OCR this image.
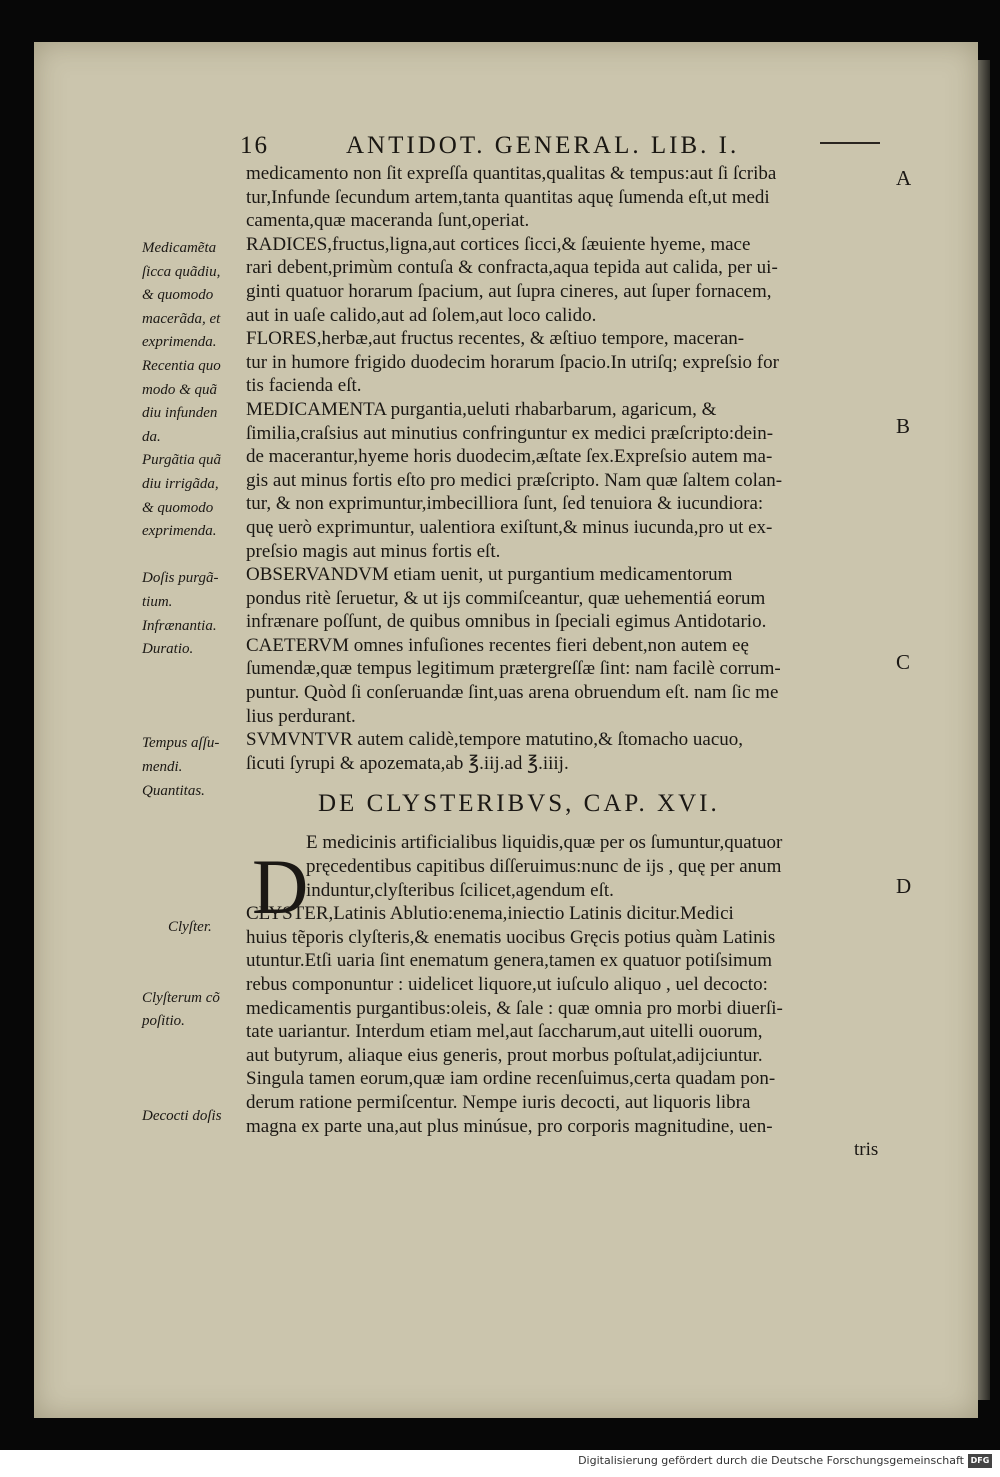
16	ANTIDOT. GENERAL. LIB. I.
medicamento non ſit expreſſa quantitas,qualitas & tempus:aut ſi ſcriba
tur,Infunde ſecundum artem,tanta quantitas aquę ſumenda eſt,ut medi
camenta,quæ maceranda ſunt,operiat.
RADICES,fructus,ligna,aut cortices ſicci,& ſæuiente hyeme, mace
rari debent,primùm contuſa & confracta,aqua tepida aut calida, per ui-
ginti quatuor horarum ſpacium, aut ſupra cineres, aut ſuper fornacem,
aut in uaſe calido,aut ad ſolem,aut loco calido.
FLORES,herbæ,aut fructus recentes, & æſtiuo tempore, maceran-
tur in humore frigido duodecim horarum ſpacio.In utriſq; expreſsio for
tis facienda eſt.
MEDICAMENTA purgantia,ueluti rhabarbarum, agaricum, &
ſimilia,craſsius aut minutius confringuntur ex medici præſcripto:dein-
de macerantur,hyeme horis duodecim,æſtate ſex.Expreſsio autem ma-
gis aut minus fortis eſto pro medici præſcripto. Nam quæ ſaltem colan-
tur, & non exprimuntur,imbecilliora ſunt, ſed tenuiora & iucundiora:
quę uerò exprimuntur, ualentiora exiſtunt,& minus iucunda,pro ut ex-
preſsio magis aut minus fortis eſt.
OBSERVANDVM etiam uenit, ut purgantium medicamentorum
pondus ritè ſeruetur, & ut ijs commiſceantur, quæ uehementiá eorum
infrænare poſſunt, de quibus omnibus in ſpeciali egimus Antidotario.
CAETERVM omnes infuſiones recentes fieri debent,non autem eę
ſumendæ,quæ tempus legitimum prætergreſſæ ſint: nam facilè corrum-
puntur. Quòd ſi conſeruandæ ſint,uas arena obruendum eſt. nam ſic me
lius perdurant.
SVMVNTVR autem calidè,tempore matutino,& ſtomacho uacuo,
ſicuti ſyrupi & apozemata,ab ℥.iij.ad ℥.iiij.
DE CLYSTERIBVS, CAP. XVI.
E medicinis artificialibus liquidis,quæ per os ſumuntur,quatuor
pręcedentibus capitibus diſſeruimus:nunc de ijs , quę per anum
induntur,clyſteribus ſcilicet,agendum eſt.
CLYSTER,Latinis Ablutio:enema,iniectio Latinis dicitur.Medici
huius tẽporis clyſteris,& enematis uocibus Gręcis potius quàm Latinis
utuntur.Etſi uaria ſint enematum genera,tamen ex quatuor potiſsimum
rebus componuntur : uidelicet liquore,ut iuſculo aliquo , uel decocto:
medicamentis purgantibus:oleis, & ſale : quæ omnia pro morbi diuerſi-
tate uariantur. Interdum etiam mel,aut ſaccharum,aut uitelli ouorum,
aut butyrum, aliaque eius generis, prout morbus poſtulat,adijciuntur.
Singula tamen eorum,quæ iam ordine recenſuimus,certa quadam pon-
derum ratione permiſcentur. Nempe iuris decocti, aut liquoris libra
magna ex parte una,aut plus minúsue, pro corporis magnitudine, uen-
tris
D
Medicamẽta
ſicca quãdiu,
& quomodo
macerãda, et
exprimenda.
Recentia quo
modo & quã
diu infunden
da.
Purgãtia quã
diu irrigãda,
& quomodo
exprimenda.
Doſis purgã-
tium.
Infrænantia.
Duratio.
Tempus aſſu-
mendi.
Quantitas.
Clyſter.
Clyſterum cõ
poſitio.
Decocti doſis
A
B
C
D
Digitalisierung gefördert durch die Deutsche Forschungsgemeinschaft DFG
